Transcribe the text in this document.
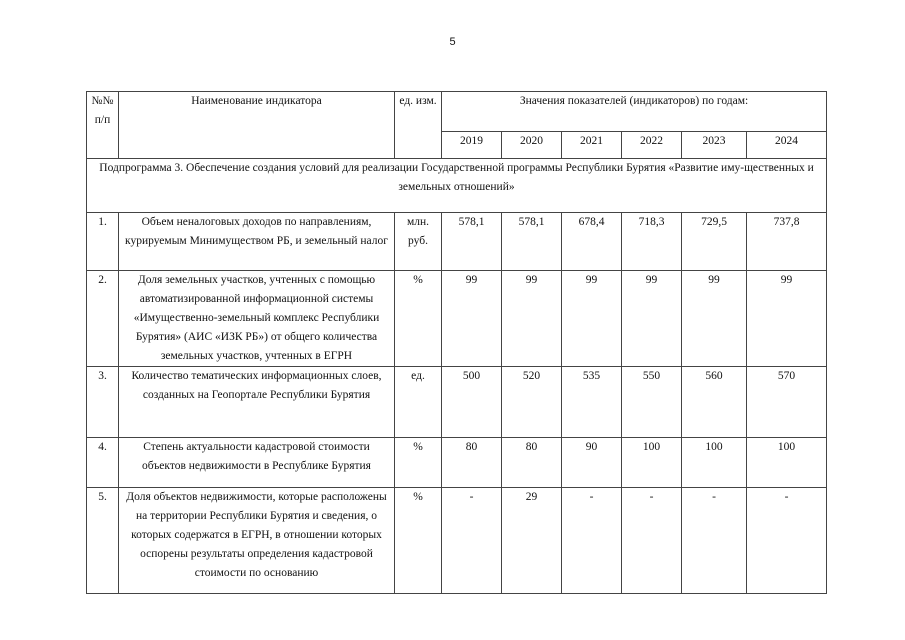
5
№№ п/п	Наименование индикатора	ед. изм.	Значения показателей (индикаторов) по годам:					
			2019	2020	2021	2022	2023	2024
Подпрограмма 3. Обеспечение создания условий для реализации Государственной программы Республики Бурятия «Развитие иму-щественных и земельных отношений»								
1.	Объем неналоговых доходов по направлениям, курируемым Минимуществом РБ, и земельный налог	млн. руб.	578,1	578,1	678,4	718,3	729,5	737,8
2.	Доля земельных участков, учтенных с помощью автоматизированной информационной системы «Имущественно-земельный комплекс Республики Бурятия» (АИС «ИЗК РБ») от общего количества земельных участков, учтенных в ЕГРН	%	99	99	99	99	99	99
3.	Количество тематических информационных слоев, созданных на Геопортале Республики Бурятия	ед.	500	520	535	550	560	570
4.	Степень актуальности кадастровой стоимости объектов недвижимости в Республике Бурятия	%	80	80	90	100	100	100
5.	Доля объектов недвижимости, которые расположены на территории Республики Бурятия и сведения, о которых содержатся в ЕГРН, в отношении которых оспорены результаты определения кадастровой стоимости по основанию	%	-	29	-	-	-	-
